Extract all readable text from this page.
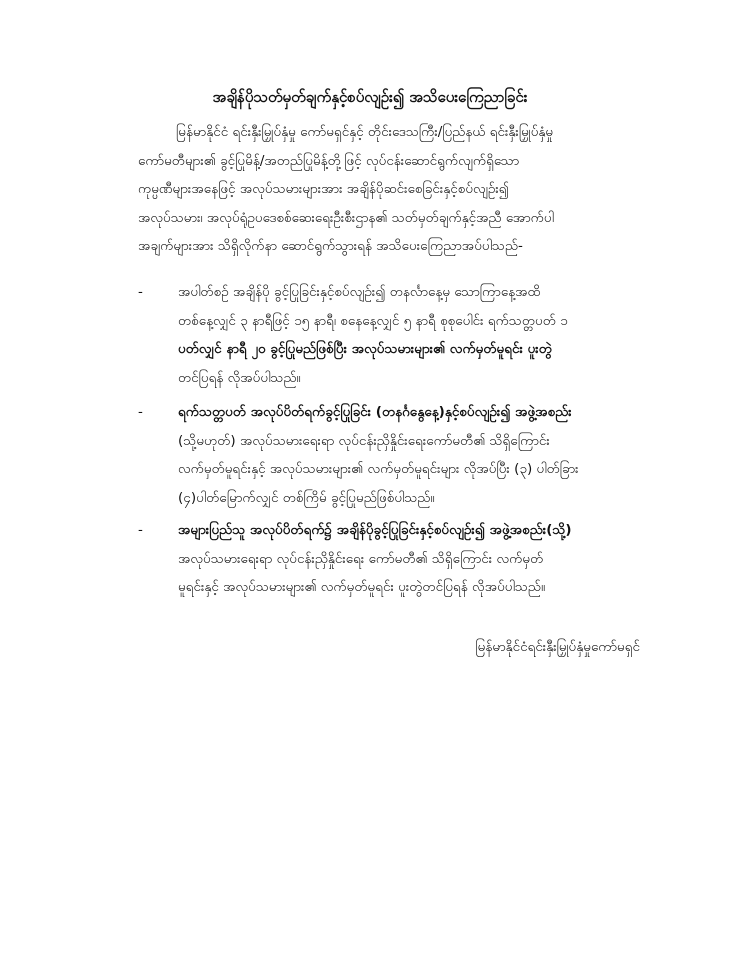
အချိန်ပိုသတ်မှတ်ချက်နှင့်စပ်လျဉ်း၍ အသိပေးကြေညာခြင်း
မြန်မာနိုင်ငံ ရင်းနှီးမြှုပ်နှံမှု ကော်မရှင်နှင့် တိုင်းဒေသကြီး/ပြည်နယ် ရင်းနှီးမြှုပ်နှံမှု
ကော်မတီများ၏ ခွင့်ပြုမိန့်/အတည်ပြုမိန့်တို့ဖြင့် လုပ်ငန်းဆောင်ရွက်လျက်ရှိသော
ကုမ္ပဏီများအနေဖြင့် အလုပ်သမားများအား အချိန်ပိုဆင်းစေခြင်းနှင့်စပ်လျဉ်း၍
အလုပ်သမား၊ အလုပ်ရုံဥပဒေစစ်ဆေးရေးဦးစီးဌာန၏ သတ်မှတ်ချက်နှင့်အညီ အောက်ပါ
အချက်များအား သိရှိလိုက်နာ ဆောင်ရွက်သွားရန် အသိပေးကြေညာအပ်ပါသည်-
-	အပါတ်စဉ် အချိန်ပို ခွင့်ပြုခြင်းနှင့်စပ်လျဉ်း၍ တနင်္လာနေ့မှ သောကြာနေ့အထိ
တစ်နေ့လျှင် ၃ နာရီဖြင့် ၁၅ နာရီ၊ စနေနေ့လျှင် ၅ နာရီ စုစုပေါင်း ရက်သတ္တပတ် ၁
ပတ်လျှင် နာရီ ၂၀ ခွင့်ပြုမည်ဖြစ်ပြီး အလုပ်သမားများ၏ လက်မှတ်မူရင်း ပူးတွဲ
တင်ပြရန် လိုအပ်ပါသည်။
-	ရက်သတ္တပတ် အလုပ်ပိတ်ရက်ခွင့်ပြုခြင်း (တနင်္ဂနွေနေ့)နှင့်စပ်လျဉ်း၍ အဖွဲ့အစည်း
(သို့မဟုတ်) အလုပ်သမားရေးရာ လုပ်ငန်းညှိနှိုင်းရေးကော်မတီ၏ သိရှိကြောင်း
လက်မှတ်မူရင်းနှင့် အလုပ်သမားများ၏ လက်မှတ်မူရင်းများ လိုအပ်ပြီး (၃) ပါတ်ခြား
(၄)ပါတ်မြောက်လျှင် တစ်ကြိမ် ခွင့်ပြုမည်ဖြစ်ပါသည်။
-	အများပြည်သူ အလုပ်ပိတ်ရက်၌ အချိန်ပိုခွင့်ပြုခြင်းနှင့်စပ်လျဉ်း၍ အဖွဲ့အစည်း(သို့)
အလုပ်သမားရေးရာ လုပ်ငန်းညှိနှိုင်းရေး ကော်မတီ၏ သိရှိကြောင်း လက်မှတ်
မူရင်းနှင့် အလုပ်သမားများ၏ လက်မှတ်မူရင်း ပူးတွဲတင်ပြရန် လိုအပ်ပါသည်။
မြန်မာနိုင်ငံရင်းနှီးမြှုပ်နှံမှုကော်မရှင်
